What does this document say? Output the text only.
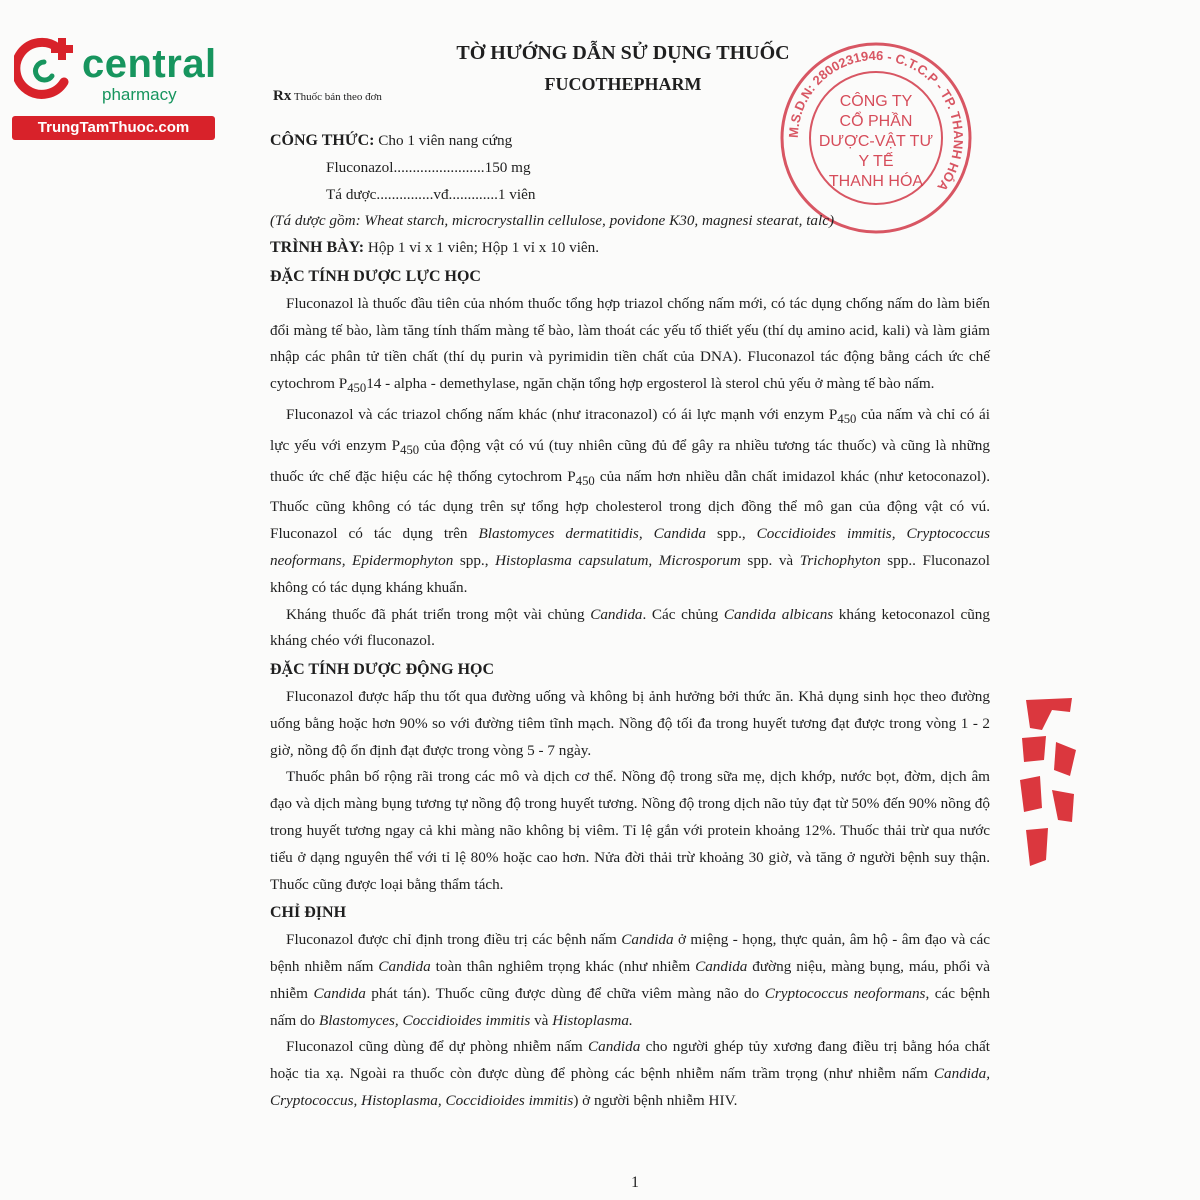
central
pharmacy
TrungTamThuoc.com
TỜ HƯỚNG DẪN SỬ DỤNG THUỐC
FUCOTHEPHARM
Rx Thuốc bán theo đơn
M.S.D.N: 2800231946 - C.T.C.P - TP. THANH HÓA
CÔNG TY
CỔ PHẦN
DƯỢC-VẬT TƯ
Y TẾ
THANH HÓA

CÔNG THỨC: Cho 1 viên nang cứng

Fluconazol........................150 mg

Tá dược...............vđ.............1 viên

(Tá dược gồm: Wheat starch, microcrystallin cellulose, povidone K30, magnesi stearat, talc)

TRÌNH BÀY: Hộp 1 vỉ x 1 viên; Hộp 1 vỉ x 10 viên.

ĐẶC TÍNH DƯỢC LỰC HỌC

Fluconazol là thuốc đầu tiên của nhóm thuốc tổng hợp triazol chống nấm mới, có tác dụng chống nấm do làm biến đổi màng tế bào, làm tăng tính thấm màng tế bào, làm thoát các yếu tố thiết yếu (thí dụ amino acid, kali) và làm giảm nhập các phân tử tiền chất (thí dụ purin và pyrimidin tiền chất của DNA). Fluconazol tác động bằng cách ức chế cytochrom $P_{450}14$ - alpha - demethylase, ngăn chặn tổng hợp ergosterol là sterol chủ yếu ở màng tế bào nấm.

Fluconazol và các triazol chống nấm khác (như itraconazol) có ái lực mạnh với enzym $P_{450}$ của nấm và chỉ có ái lực yếu với enzym $P_{450}$ của động vật có vú (tuy nhiên cũng đủ để gây ra nhiều tương tác thuốc) và cũng là những thuốc ức chế đặc hiệu các hệ thống cytochrom $P_{450}$ của nấm hơn nhiều dẫn chất imidazol khác (như ketoconazol). Thuốc cũng không có tác dụng trên sự tổng hợp cholesterol trong dịch đồng thể mô gan của động vật có vú. Fluconazol có tác dụng trên Blastomyces dermatitidis, Candida spp., Coccidioides immitis, Cryptococcus neoformans, Epidermophyton spp., Histoplasma capsulatum, Microsporum spp. và Trichophyton spp.. Fluconazol không có tác dụng kháng khuẩn.

Kháng thuốc đã phát triển trong một vài chủng Candida. Các chủng Candida albicans kháng ketoconazol cũng kháng chéo với fluconazol.

ĐẶC TÍNH DƯỢC ĐỘNG HỌC

Fluconazol được hấp thu tốt qua đường uống và không bị ảnh hưởng bởi thức ăn. Khả dụng sinh học theo đường uống bằng hoặc hơn 90% so với đường tiêm tĩnh mạch. Nồng độ tối đa trong huyết tương đạt được trong vòng 1 - 2 giờ, nồng độ ổn định đạt được trong vòng 5 - 7 ngày.

Thuốc phân bố rộng rãi trong các mô và dịch cơ thể. Nồng độ trong sữa mẹ, dịch khớp, nước bọt, đờm, dịch âm đạo và dịch màng bụng tương tự nồng độ trong huyết tương. Nồng độ trong dịch não tủy đạt từ 50% đến 90% nồng độ trong huyết tương ngay cả khi màng não không bị viêm. Tỉ lệ gắn với protein khoảng 12%. Thuốc thải trừ qua nước tiểu ở dạng nguyên thể với tỉ lệ 80% hoặc cao hơn. Nửa đời thải trừ khoảng 30 giờ, và tăng ở người bệnh suy thận. Thuốc cũng được loại bằng thẩm tách.

CHỈ ĐỊNH

Fluconazol được chỉ định trong điều trị các bệnh nấm Candida ở miệng - họng, thực quản, âm hộ - âm đạo và các bệnh nhiễm nấm Candida toàn thân nghiêm trọng khác (như nhiễm Candida đường niệu, màng bụng, máu, phổi và nhiễm Candida phát tán). Thuốc cũng được dùng để chữa viêm màng não do Cryptococcus neoformans, các bệnh nấm do Blastomyces, Coccidioides immitis và Histoplasma.

Fluconazol cũng dùng để dự phòng nhiễm nấm Candida cho người ghép tủy xương đang điều trị bằng hóa chất hoặc tia xạ. Ngoài ra thuốc còn được dùng để phòng các bệnh nhiễm nấm trầm trọng (như nhiễm nấm Candida, Cryptococcus, Histoplasma, Coccidioides immitis) ở người bệnh nhiễm HIV.

1
